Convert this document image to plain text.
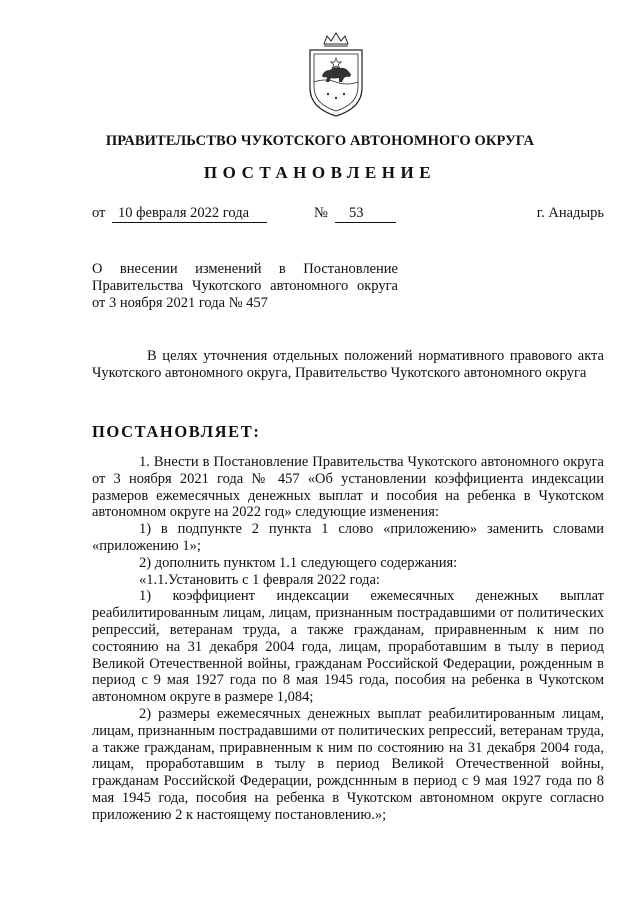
ПРАВИТЕЛЬСТВО ЧУКОТСКОГО АВТОНОМНОГО ОКРУГА
ПОСТАНОВЛЕНИЕ
от 10 февраля 2022 года	№	53	г. Анадырь
О внесении изменений в Постановление
Правительства Чукотского автономного округа
от 3 ноября 2021 года № 457
В целях уточнения отдельных положений нормативного правового акта Чукотского автономного округа, Правительство Чукотского автономного округа
ПОСТАНОВЛЯЕТ:

1. Внести в Постановление Правительства Чукотского автономного округа от 3 ноября 2021 года № 457 «Об установлении коэффициента индексации размеров ежемесячных денежных выплат и пособия на ребенка в Чукотском автономном округе на 2022 год» следующие изменения:

1) в подпункте 2 пункта 1 слово «приложению» заменить словами «приложению 1»;

2) дополнить пунктом 1.1 следующего содержания:

«1.1.Установить с 1 февраля 2022 года:

1) коэффициент индексации ежемесячных денежных выплат реабилитированным лицам, лицам, признанным пострадавшими от политических репрессий, ветеранам труда, а также гражданам, приравненным к ним по состоянию на 31 декабря 2004 года, лицам, проработавшим в тылу в период Великой Отечественной войны, гражданам Российской Федерации, рожденным в период с 9 мая 1927 года по 8 мая 1945 года, пособия на ребенка в Чукотском автономном округе в размере 1,084;

2) размеры ежемесячных денежных выплат реабилитированным лицам, лицам, признанным пострадавшими от политических репрессий, ветеранам труда, а также гражданам, приравненным к ним по состоянию на 31 декабря 2004 года, лицам, проработавшим в тылу в период Великой Отечественной войны, гражданам Российской Федерации, рождсннным в период с 9 мая 1927 года по 8 мая 1945 года, пособия на ребенка в Чукотском автономном округе согласно приложению 2 к настоящему постановлению.»;
